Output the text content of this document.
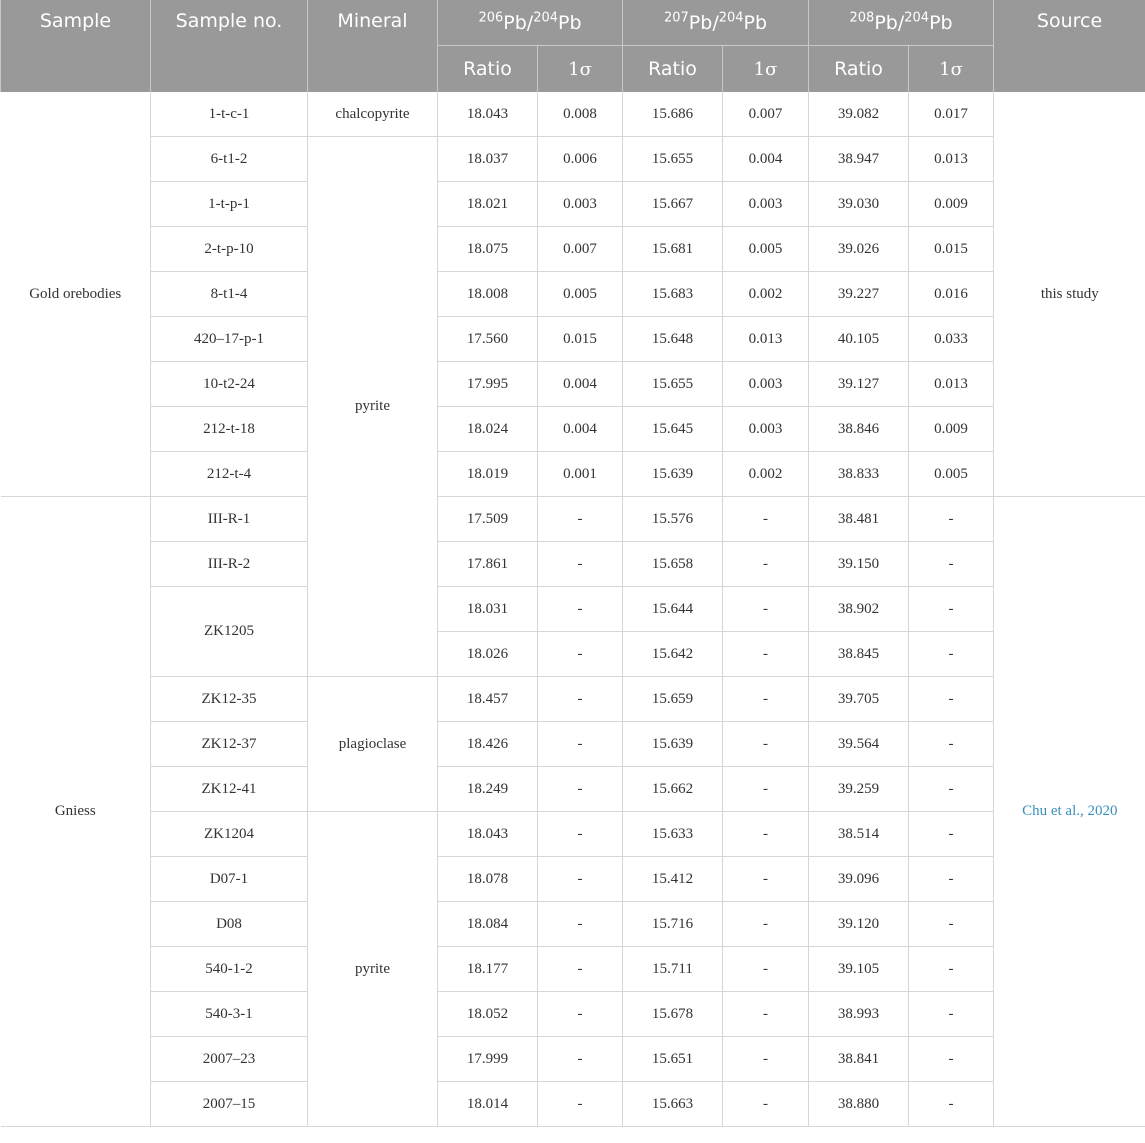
Sample	Sample no.	Mineral	$^{206}$Pb/$^{204}$Pb		$^{207}$Pb/$^{204}$Pb		$^{208}$Pb/$^{204}$Pb		Source
			Ratio	1σ	Ratio	1σ	Ratio	1σ	
Gold orebodies	1-t-c-1	chalcopyrite	18.043	0.008	15.686	0.007	39.082	0.017	this study
	6-t1-2	pyrite	18.037	0.006	15.655	0.004	38.947	0.013	
	1-t-p-1		18.021	0.003	15.667	0.003	39.030	0.009	
	2-t-p-10		18.075	0.007	15.681	0.005	39.026	0.015	
	8-t1-4		18.008	0.005	15.683	0.002	39.227	0.016	
	420–17-p-1		17.560	0.015	15.648	0.013	40.105	0.033	
	10-t2-24		17.995	0.004	15.655	0.003	39.127	0.013	
	212-t-18		18.024	0.004	15.645	0.003	38.846	0.009	
	212-t-4		18.019	0.001	15.639	0.002	38.833	0.005	
Gniess	III-R-1		17.509	-	15.576	-	38.481	-	Chu et al., 2020
	III-R-2		17.861	-	15.658	-	39.150	-	
	ZK1205		18.031	-	15.644	-	38.902	-	
			18.026	-	15.642	-	38.845	-	
	ZK12-35	plagioclase	18.457	-	15.659	-	39.705	-	
	ZK12-37		18.426	-	15.639	-	39.564	-	
	ZK12-41		18.249	-	15.662	-	39.259	-	
	ZK1204	pyrite	18.043	-	15.633	-	38.514	-	
	D07-1		18.078	-	15.412	-	39.096	-	
	D08		18.084	-	15.716	-	39.120	-	
	540-1-2		18.177	-	15.711	-	39.105	-	
	540-3-1		18.052	-	15.678	-	38.993	-	
	2007–23		17.999	-	15.651	-	38.841	-	
	2007–15		18.014	-	15.663	-	38.880	-	
